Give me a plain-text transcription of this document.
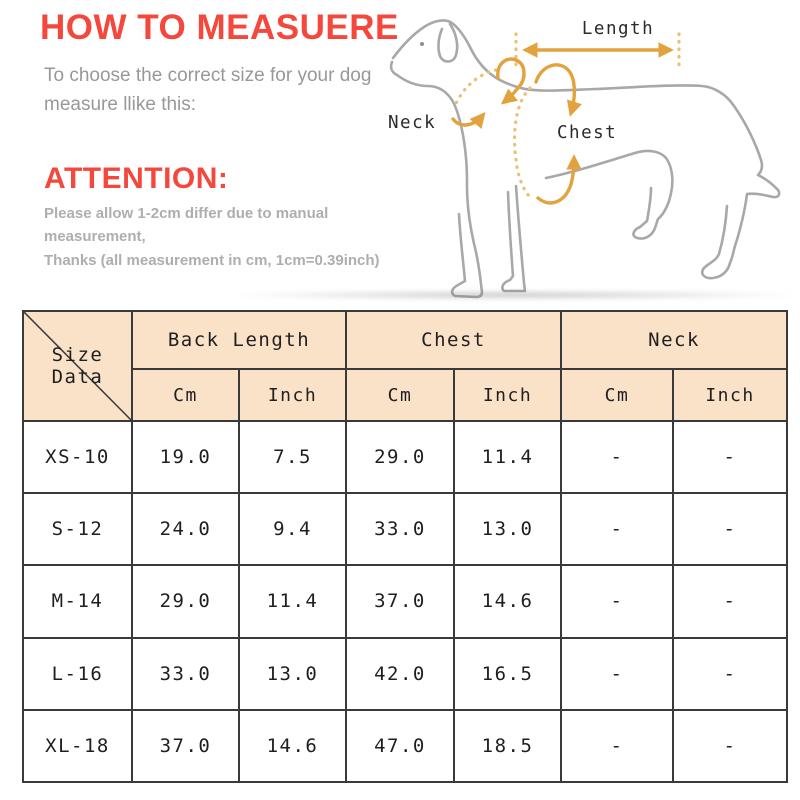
HOW TO MEASUERE
To choose the correct size for your dog
measure llike this:
ATTENTION:
Please allow 1-2cm differ due to manual measurement,
Thanks (all measurement in cm, 1cm=0.39inch)
Length
Neck	Chest
Size Data	Back Length		Chest		Neck	
	Cm	Inch	Cm	Inch	Cm	Inch
XS-10	19.0	7.5	29.0	11.4	-	-
S-12	24.0	9.4	33.0	13.0	-	-
M-14	29.0	11.4	37.0	14.6	-	-
L-16	33.0	13.0	42.0	16.5	-	-
XL-18	37.0	14.6	47.0	18.5	-	-
